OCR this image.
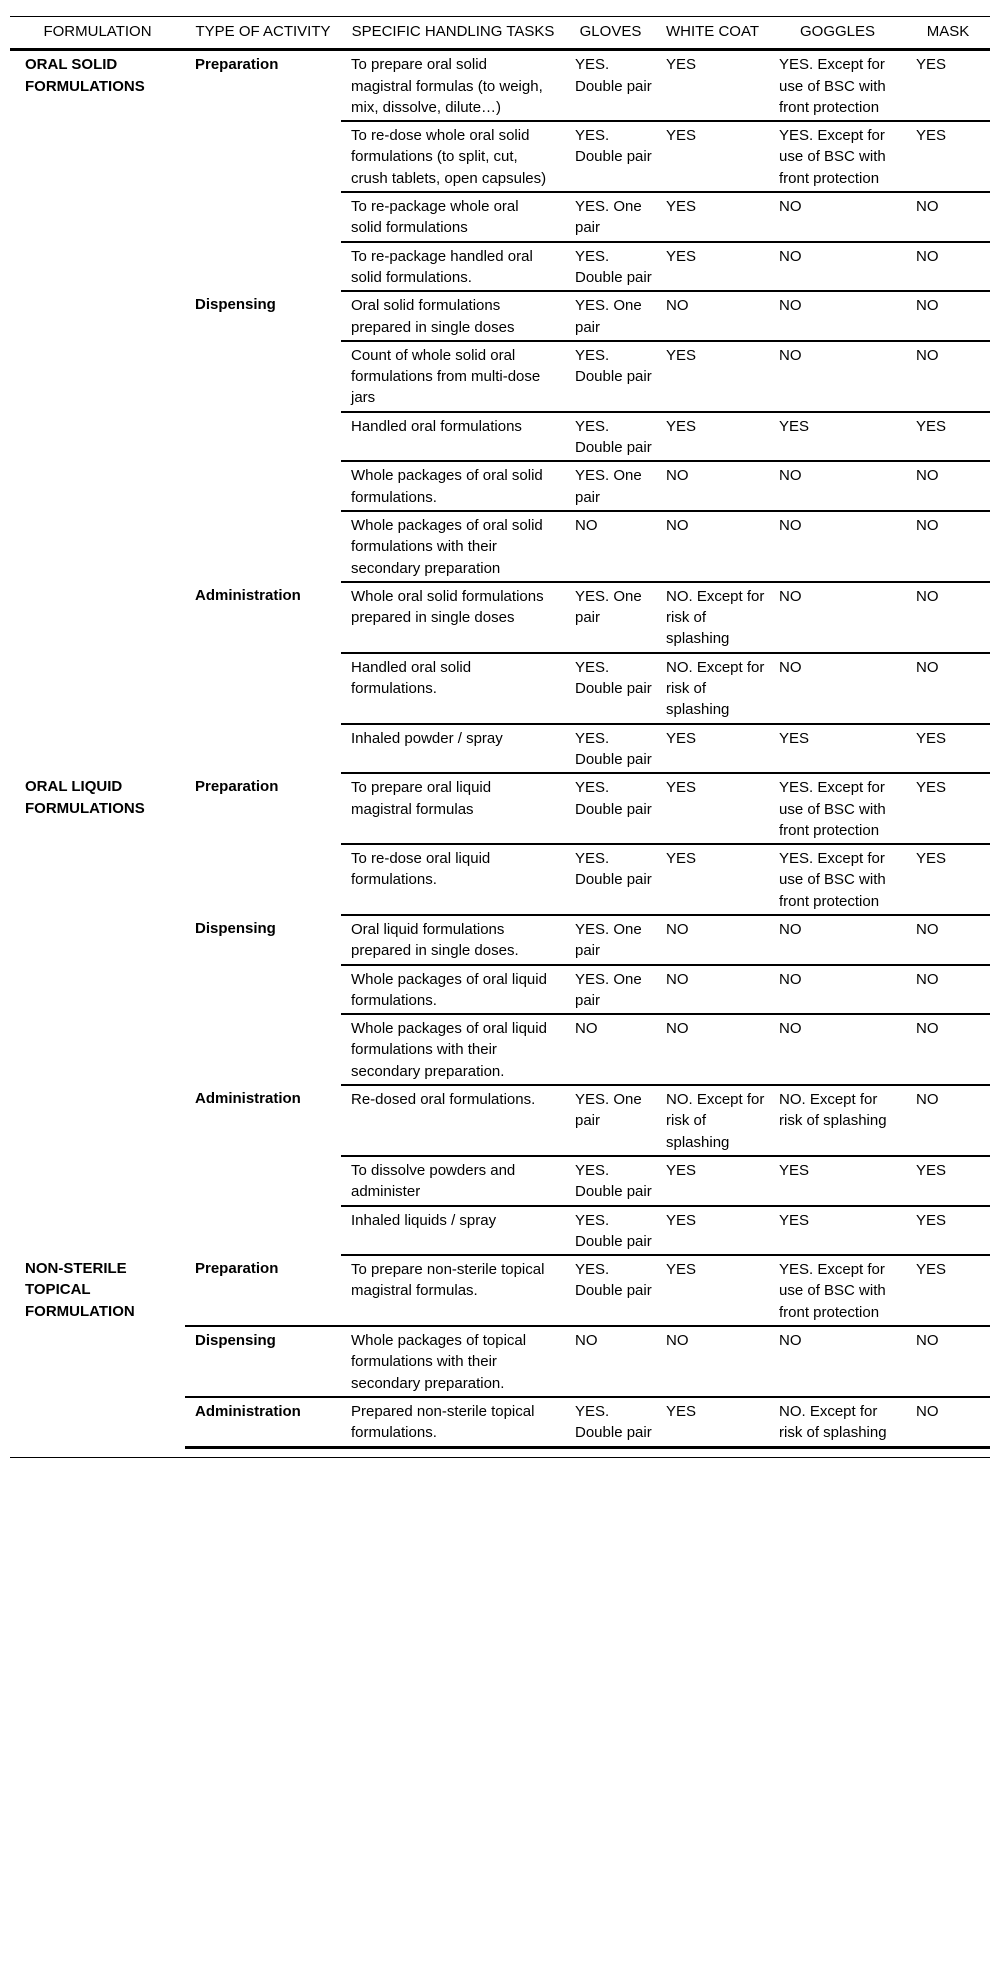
FORMULATION	TYPE OF ACTIVITY	SPECIFIC HANDLING TASKS	GLOVES	WHITE COAT	GOGGLES	MASK
ORAL SOLID FORMULATIONS	Preparation	To prepare oral solid magistral formulas (to weigh, mix, dissolve, dilute…)	YES. Double pair	YES	YES. Except for use of BSC with front protection	YES
		To re-dose whole oral solid formulations (to split, cut, crush tablets, open capsules)	YES. Double pair	YES	YES. Except for use of BSC with front protection	YES
		To re-package whole oral solid formulations	YES. One pair	YES	NO	NO
		To re-package handled oral solid formulations.	YES. Double pair	YES	NO	NO
	Dispensing	Oral solid formulations prepared in single doses	YES. One pair	NO	NO	NO
		Count of whole solid oral formulations from multi-dose jars	YES. Double pair	YES	NO	NO
		Handled oral formulations	YES. Double pair	YES	YES	YES
		Whole packages of oral solid formulations.	YES. One pair	NO	NO	NO
		Whole packages of oral solid formulations with their secondary preparation	NO	NO	NO	NO
	Administration	Whole oral solid formulations prepared in single doses	YES. One pair	NO. Except for risk of splashing	NO	NO
		Handled oral solid formulations.	YES. Double pair	NO. Except for risk of splashing	NO	NO
		Inhaled powder / spray	YES. Double pair	YES	YES	YES
ORAL LIQUID FORMULATIONS	Preparation	To prepare oral liquid magistral formulas	YES. Double pair	YES	YES. Except for use of BSC with front protection	YES
		To re-dose oral liquid formulations.	YES. Double pair	YES	YES. Except for use of BSC with front protection	YES
	Dispensing	Oral liquid formulations prepared in single doses.	YES. One pair	NO	NO	NO
		Whole packages of oral liquid formulations.	YES. One pair	NO	NO	NO
		Whole packages of oral liquid formulations with their secondary preparation.	NO	NO	NO	NO
	Administration	Re-dosed oral formulations.	YES. One pair	NO. Except for risk of splashing	NO. Except for risk of splashing	NO
		To dissolve powders and administer	YES. Double pair	YES	YES	YES
		Inhaled liquids / spray	YES. Double pair	YES	YES	YES
NON-STERILE TOPICAL FORMULATION	Preparation	To prepare non-sterile topical magistral formulas.	YES. Double pair	YES	YES. Except for use of BSC with front protection	YES
	Dispensing	Whole packages of topical formulations with their secondary preparation.	NO	NO	NO	NO
	Administration	Prepared non-sterile topical formulations.	YES. Double pair	YES	NO. Except for risk of splashing	NO
